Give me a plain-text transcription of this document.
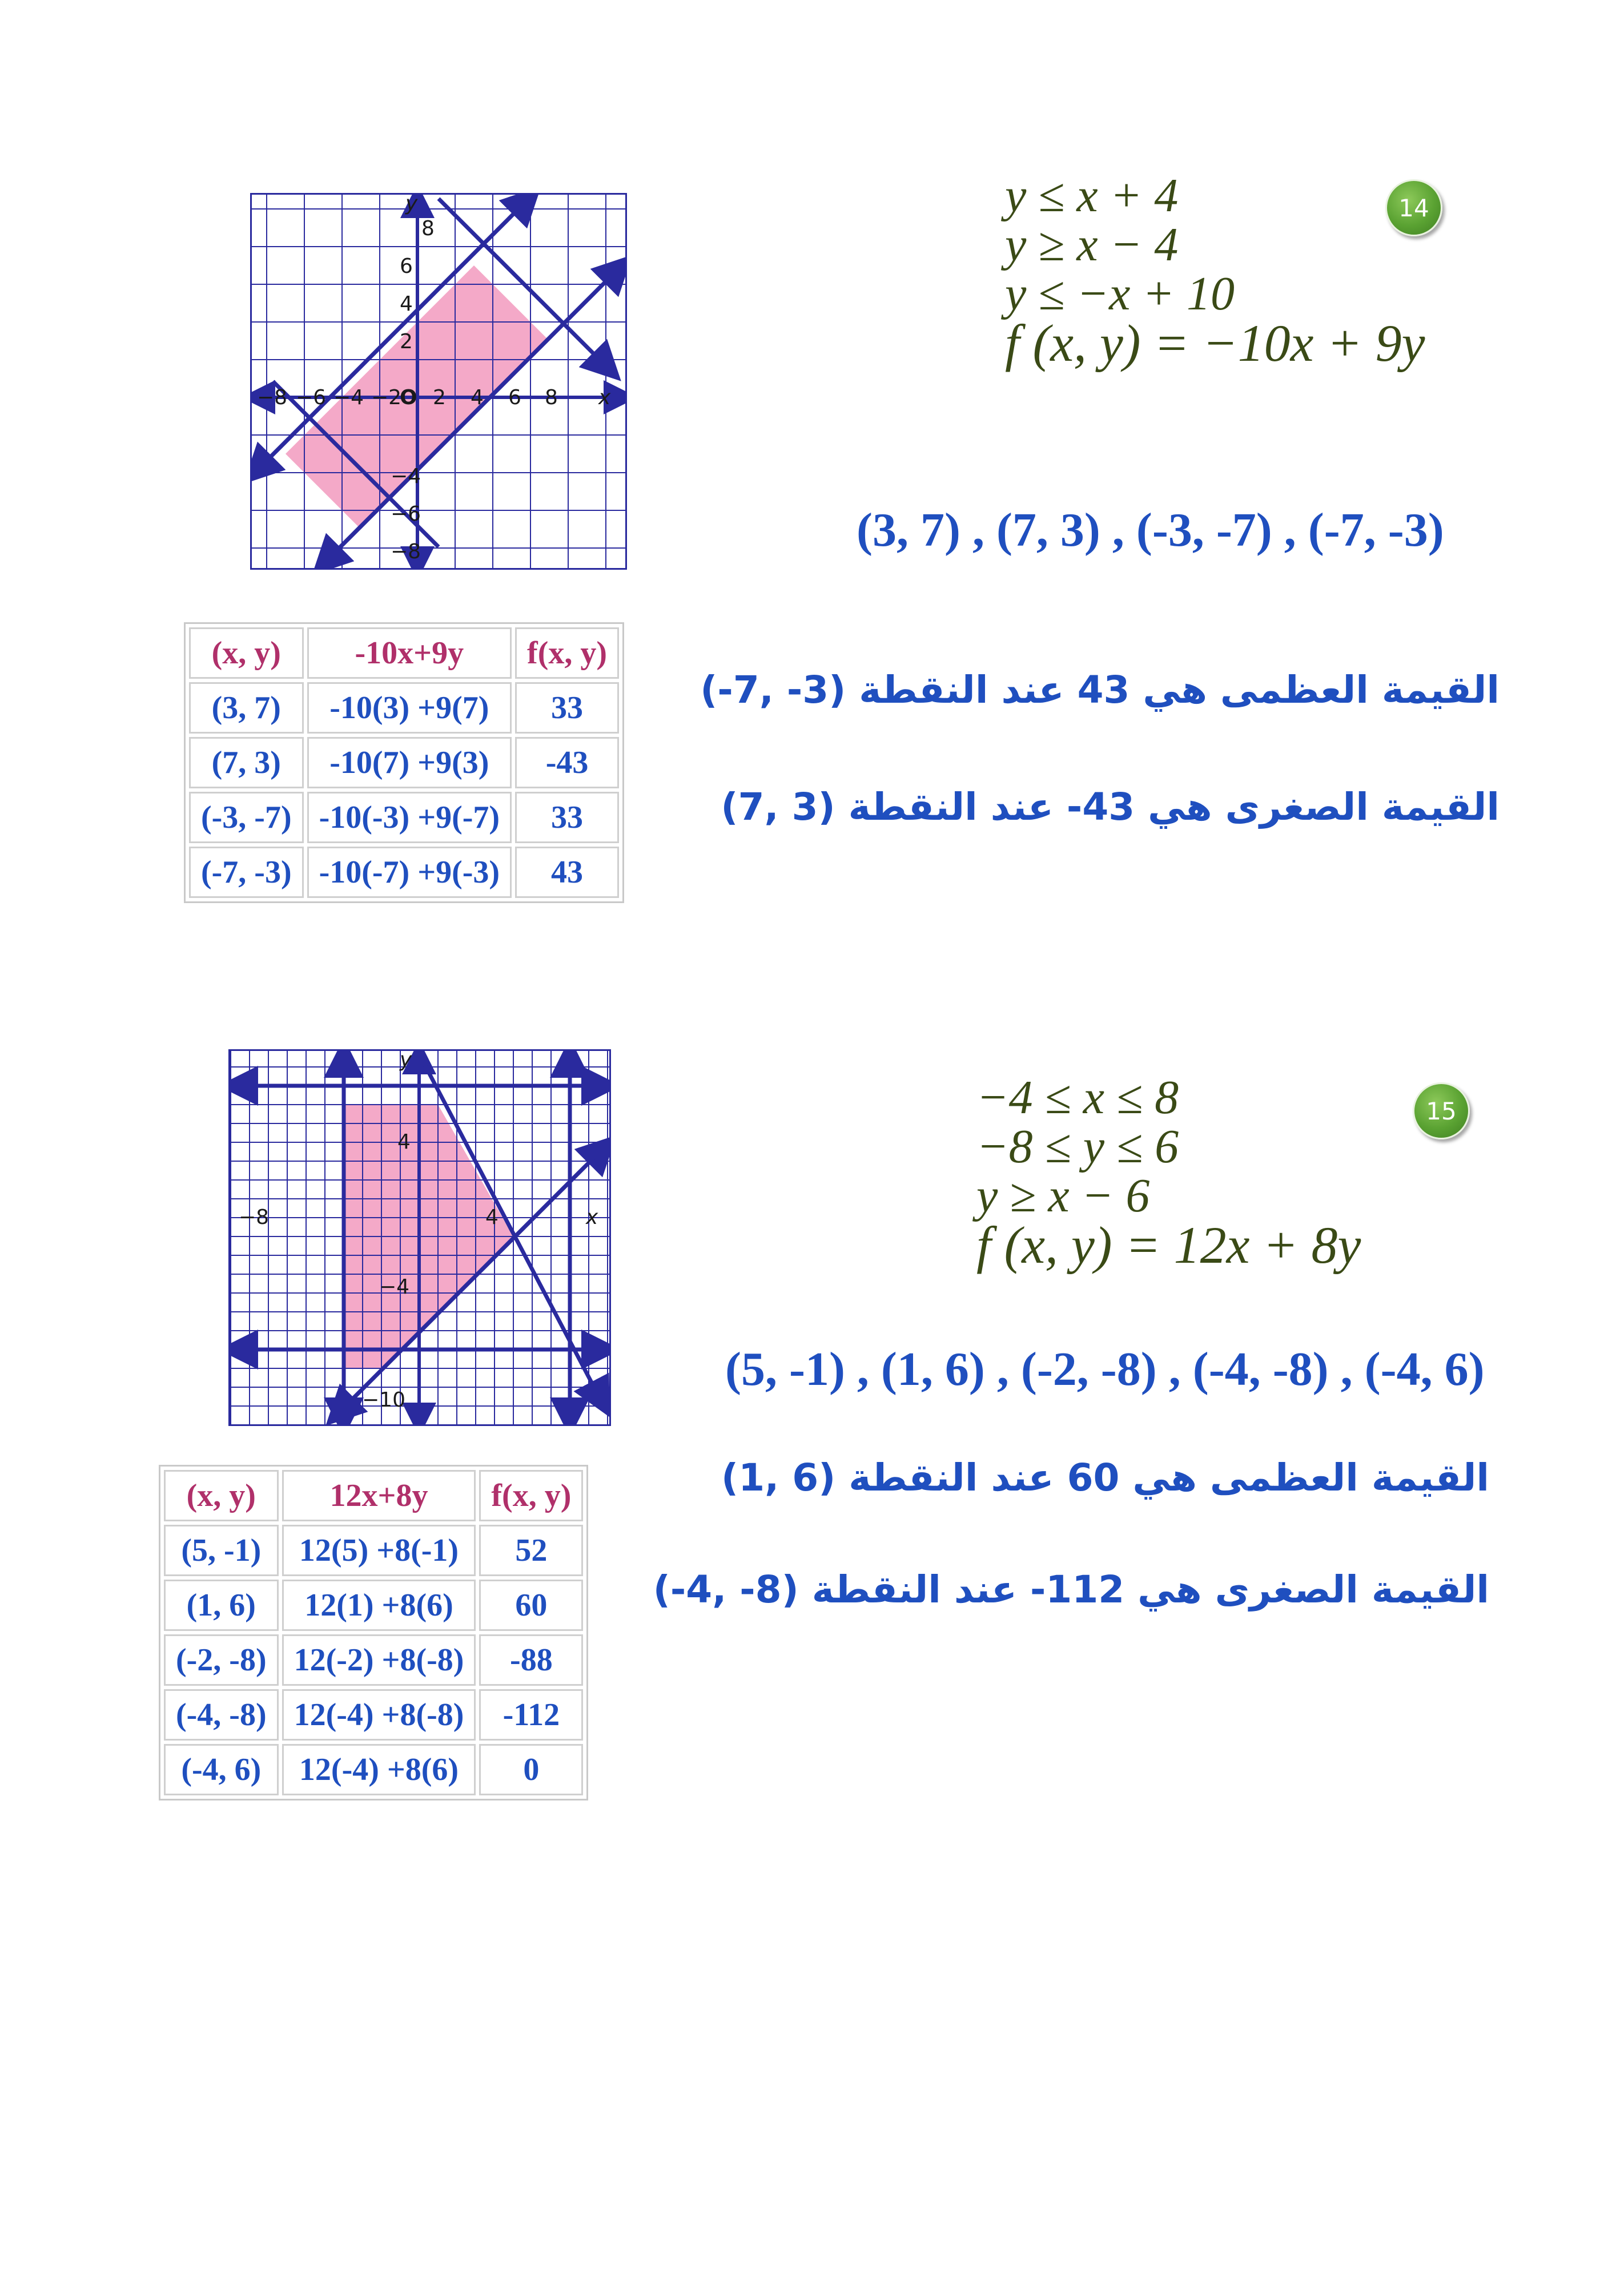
−8 −6 −4 −2
O 2 4 6 8 x
y
8
6
4
2
−4
−6
−8
14
y ≤ x + 4
y ≥ x − 4
y ≤ −x + 10
f (x, y) = −10x + 9y
(3, 7) , (7, 3) , (-3, -7) , (-7, -3)
القيمة العظمى هي 43 عند النقطة (3- ,7-)
القيمة الصغرى هي 43- عند النقطة (3 ,7)
(x, y)	-10x+9y	f(x, y)
(3, 7)	-10(3) +9(7)	33
(7, 3)	-10(7) +9(3)	-43
(-3, -7)	-10(-3) +9(-7)	33
(-7, -3)	-10(-7) +9(-3)	43
−8	4	x
y
4
−4
−10
15
−4 ≤ x ≤ 8
−8 ≤ y ≤ 6
y ≥ x − 6
f (x, y) = 12x + 8y
(5, -1) , (1, 6) , (-2, -8) , (-4, -8) , (-4, 6)
القيمة العظمى هي 60 عند النقطة (6 ,1)
القيمة الصغرى هي 112- عند النقطة (8- ,4-)
(x, y)	12x+8y	f(x, y)
(5, -1)	12(5) +8(-1)	52
(1, 6)	12(1) +8(6)	60
(-2, -8)	12(-2) +8(-8)	-88
(-4, -8)	12(-4) +8(-8)	-112
(-4, 6)	12(-4) +8(6)	0
